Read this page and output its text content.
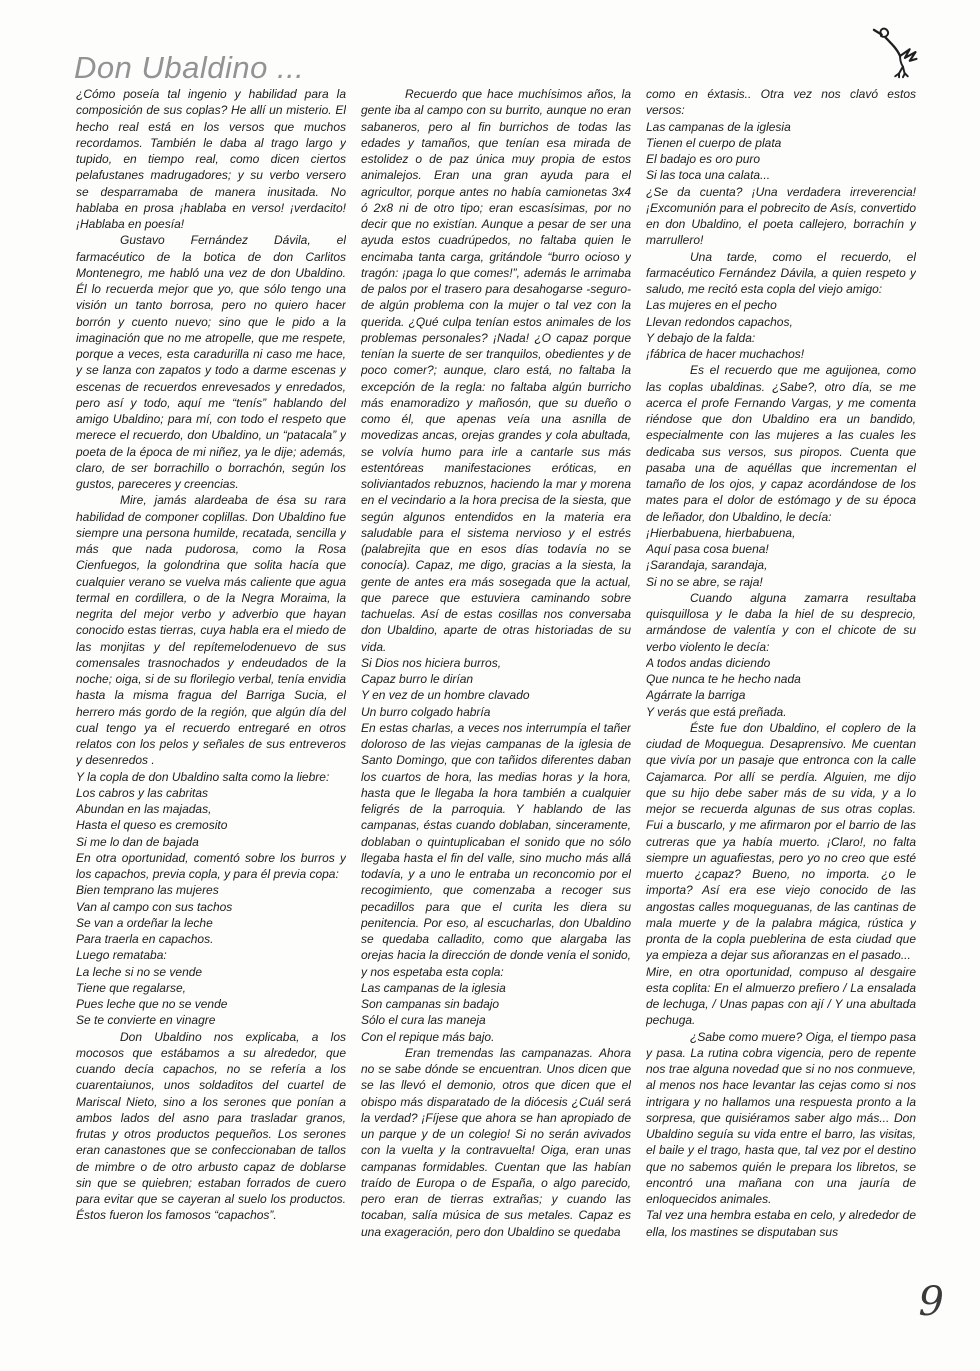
Don Ubaldino ...

¿Cómo poseía tal ingenio y habilidad para la composición de sus coplas? He allí un misterio. El hecho real está en los versos que muchos recordamos. También le daba al trago largo y tupido, en tiempo real, como dicen ciertos pelafustanes madrugadores; y su verbo versero se desparramaba de manera inusitada. No hablaba en prosa ¡hablaba en verso! ¡verdacito! ¡Hablaba en poesía!

Gustavo Fernández Dávila, el farmacéutico de la botica de don Carlitos Montenegro, me habló una vez de don Ubaldino. Él lo recuerda mejor que yo, que sólo tengo una visión un tanto borrosa, pero no quiero hacer borrón y cuento nuevo; sino que le pido a la imaginación que no me atropelle, que me respete, porque a veces, esta caradurilla ni caso me hace, y se lanza con zapatos y todo a darme escenas y escenas de recuerdos enrevesados y enredados, pero así y todo, aquí me “tenís” hablando del amigo Ubaldino; para mí, con todo el respeto que merece el recuerdo, don Ubaldino, un “patacala” y poeta de la época de mi niñez, ya le dije; además, claro, de ser borrachillo o borrachón, según los gustos, pareceres y creencias.

Mire, jamás alardeaba de ésa su rara habilidad de componer coplillas. Don Ubaldino fue siempre una persona humilde, recatada, sencilla y más que nada pudorosa, como la Rosa Cienfuegos, la golondrina que solita hacía que cualquier verano se vuelva más caliente que agua termal en cordillera, o de la Negra Moraima, la negrita del mejor verbo y adverbio que hayan conocido estas tierras, cuya habla era el miedo de las monjitas y del repítemelodenuevo de sus comensales trasnochados y endeudados de la noche; oiga, si de su florilegio verbal, tenía envidia hasta la misma fragua del Barriga Sucia, el herrero más gordo de la región, que algún día del cual tengo ya el recuerdo entregaré en otros relatos con los pelos y señales de sus entreveros y desenredos .

Y la copla de don Ubaldino salta como la liebre:

Los cabros y las cabritas

Abundan en las majadas,

Hasta el queso es cremosito

Si me lo dan de bajada

En otra oportunidad, comentó sobre los burros y los capachos, previa copla, y para él previa copa:

Bien temprano las mujeres

Van al campo con sus tachos

Se van a ordeñar la leche

Para traerla en capachos.

Luego remataba:

La leche si no se vende

Tiene que regalarse,

Pues leche que no se vende

Se te convierte en vinagre

Don Ubaldino nos explicaba, a los mocosos que estábamos a su alrededor, que cuando decía capachos, no se refería a los cuarentaiunos, unos soldaditos del cuartel de Mariscal Nieto, sino a los serones que ponían a ambos lados del asno para trasladar granos, frutas y otros productos pequeños. Los serones eran canastones que se confeccionaban de tallos de mimbre o de otro arbusto capaz de doblarse sin que se quiebren; estaban forrados de cuero para evitar que se cayeran al suelo los productos. Éstos fueron los famosos “capachos”.

Recuerdo que hace muchísimos años, la gente iba al campo con su burrito, aunque no eran sabaneros, pero al fin burrichos de todas las edades y tamaños, que tenían esa mirada de estolidez o de paz única muy propia de estos animalejos. Eran una gran ayuda para el agricultor, porque antes no había camionetas 3x4 ó 2x8 ni de otro tipo; eran escasísimas, por no decir que no existían. Aunque a pesar de ser una ayuda estos cuadrúpedos, no faltaba quien le encimaba tanta carga, gritándole “burro ocioso y tragón: ¡paga lo que comes!”, además le arrimaba de palos por el trasero para desahogarse -seguro- de algún problema con la mujer o tal vez con la querida. ¿Qué culpa tenían estos animales de los problemas personales? ¡Nada! ¿O capaz porque tenían la suerte de ser tranquilos, obedientes y de poco comer?; aunque, claro está, no faltaba la excepción de la regla: no faltaba algún burricho más enamoradizo y mañosón, que su dueño o como él, que apenas veía una asnilla de movedizas ancas, orejas grandes y cola abultada, se volvía humo para irle a cantarle sus más estentóreas manifestaciones eróticas, en soliviantados rebuznos, haciendo la mar y morena en el vecindario a la hora precisa de la siesta, que según algunos entendidos en la materia era saludable para el sistema nervioso y el estrés (palabrejita que en esos días todavía no se conocía). Capaz, me digo, gracias a la siesta, la gente de antes era más sosegada que la actual, que parece que estuviera caminando sobre tachuelas. Así de estas cosillas nos conversaba don Ubaldino, aparte de otras historiadas de su vida.

Si Dios nos hiciera burros,

Capaz burro le dirían

Y en vez de un hombre clavado

Un burro colgado habría

En estas charlas, a veces nos interrumpía el tañer doloroso de las viejas campanas de la iglesia de Santo Domingo, que con tañidos diferentes daban los cuartos de hora, las medias horas y la hora, hasta que le llegaba la hora también a cualquier feligrés de la parroquia. Y hablando de las campanas, éstas cuando doblaban, sinceramente, doblaban o quintuplicaban el sonido que no sólo llegaba hasta el fin del valle, sino mucho más allá todavía, y a uno le entraba un reconcomio por el recogimiento, que comenzaba a recoger sus pecadillos para que el curita les diera su penitencia. Por eso, al escucharlas, don Ubaldino se quedaba calladito, como que alargaba las orejas hacia la dirección de donde venía el sonido, y nos espetaba esta copla:

Las campanas de la iglesia

Son campanas sin badajo

Sólo el cura las maneja

Con el repique más bajo.

Eran tremendas las campanazas. Ahora no se sabe dónde se encuentran. Unos dicen que se las llevó el demonio, otros que dicen que el obispo más disparatado de la diócesis ¿Cuál será la verdad? ¡Fíjese que ahora se han apropiado de un parque y de un colegio! Si no serán avivados con la vuelta y la contravuelta! Oiga, eran unas campanas formidables. Cuentan que las habían traído de Europa o de España, o algo parecido, pero eran de tierras extrañas; y cuando las tocaban, salía música de sus metales. Capaz es una exageración, pero don Ubaldino se quedaba

como en éxtasis.. Otra vez nos clavó estos versos:

Las campanas de la iglesia

Tienen el cuerpo de plata

El badajo es oro puro

Si las toca una calata...

¿Se da cuenta? ¡Una verdadera irreverencia! ¡Excomunión para el pobrecito de Asís, convertido en don Ubaldino, el poeta callejero, borrachín y marrullero!

Una tarde, como el recuerdo, el farmacéutico Fernández Dávila, a quien respeto y saludo, me recitó esta copla del viejo amigo:

Las mujeres en el pecho

Llevan redondos capachos,

Y debajo de la falda:

¡fábrica de hacer muchachos!

Es el recuerdo que me aguijonea, como las coplas ubaldinas. ¿Sabe?, otro día, se me acerca el profe Fernando Vargas, y me comenta riéndose que don Ubaldino era un bandido, especialmente con las mujeres a las cuales les dedicaba sus versos, sus piropos. Cuenta que pasaba una de aquéllas que incrementan el tamaño de los ojos, y capaz acordándose de los mates para el dolor de estómago y de su época de leñador, don Ubaldino, le decía:

¡Hierbabuena, hierbabuena,

Aquí pasa cosa buena!

¡Sarandaja, sarandaja,

Si no se abre, se raja!

Cuando alguna zamarra resultaba quisquillosa y le daba la hiel de su desprecio, armándose de valentía y con el chicote de su verbo violento le decía:

A todos andas diciendo

Que nunca te he hecho nada

Agárrate la barriga

Y verás que está preñada.

Éste fue don Ubaldino, el coplero de la ciudad de Moquegua. Desaprensivo. Me cuentan que vivía por un pasaje que entronca con la calle Cajamarca. Por allí se perdía. Alguien, me dijo que su hijo debe saber más de su vida, y a lo mejor se recuerda algunas de sus otras coplas. Fui a buscarlo, y me afirmaron por el barrio de las cutreras que ya había muerto. ¡Claro!, no falta siempre un aguafiestas, pero yo no creo que esté muerto ¿capaz? Bueno, no importa. ¿o le importa? Así era ese viejo conocido de las angostas calles moqueguanas, de las cantinas de mala muerte y de la palabra mágica, rústica y pronta de la copla pueblerina de esta ciudad que ya empieza a dejar sus añoranzas en el pasado...

Mire, en otra oportunidad, compuso al desgaire esta coplita: En el almuerzo prefiero / La ensalada de lechuga, / Unas papas con ají / Y una abultada pechuga.

¿Sabe como muere? Oiga, el tiempo pasa y pasa. La rutina cobra vigencia, pero de repente nos trae alguna novedad que si no nos conmueve, al menos nos hace levantar las cejas como si nos intrigara y no hallamos una respuesta pronto a la sorpresa, que quisiéramos saber algo más... Don Ubaldino seguía su vida entre el barro, las visitas, el baile y el trago, hasta que, tal vez por el destino que no sabemos quién le prepara los libretos, se encontró una mañana con una jauría de enloquecidos animales.

Tal vez una hembra estaba en celo, y alrededor de ella, los mastines se disputaban sus

9
